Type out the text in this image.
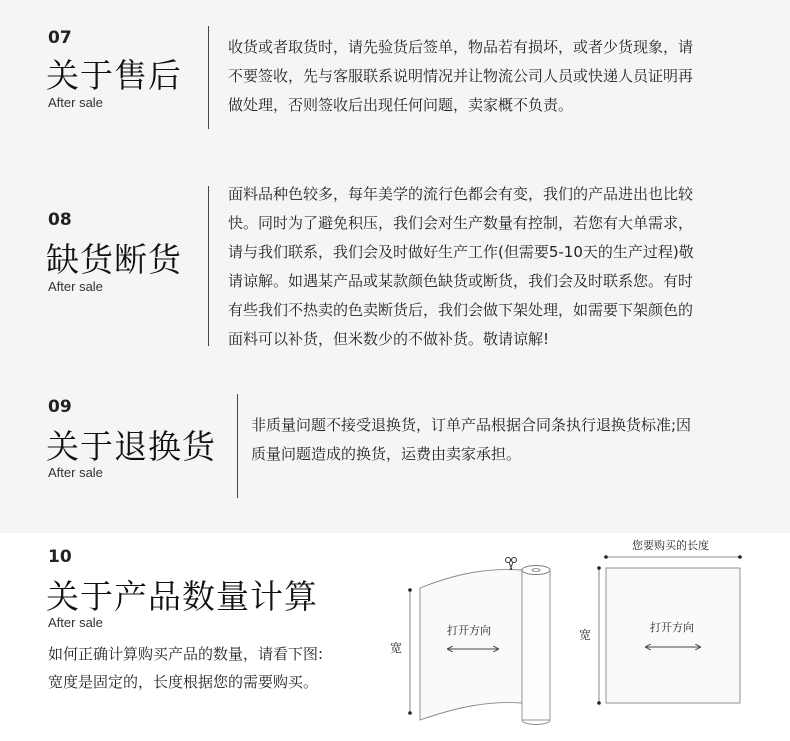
07
关于售后
After sale

收货或者取货时，请先验货后签单，物品若有损坏，或者少货现象，请

不要签收，先与客服联系说明情况并让物流公司人员或快递人员证明再

做处理，否则签收后出现任何问题，卖家概不负责。

08
缺货断货
After sale

面料品种色较多，每年美学的流行色都会有变，我们的产品进出也比较

快。同时为了避免积压，我们会对生产数量有控制，若您有大单需求，

请与我们联系，我们会及时做好生产工作(但需要5-10天的生产过程)敬

请谅解。如遇某产品或某款颜色缺货或断货，我们会及时联系您。有时

有些我们不热卖的色卖断货后，我们会做下架处理，如需要下架颜色的

面料可以补货，但米数少的不做补货。敬请谅解!

09
关于退换货
After sale

非质量问题不接受退换货，订单产品根据合同条执行退换货标准;因

质量问题造成的换货，运费由卖家承担。

10
关于产品数量计算
After sale

如何正确计算购买产品的数量，请看下图:

宽度是固定的，长度根据您的需要购买。

宽
打开方向
您要购买的长度
宽
打开方向
